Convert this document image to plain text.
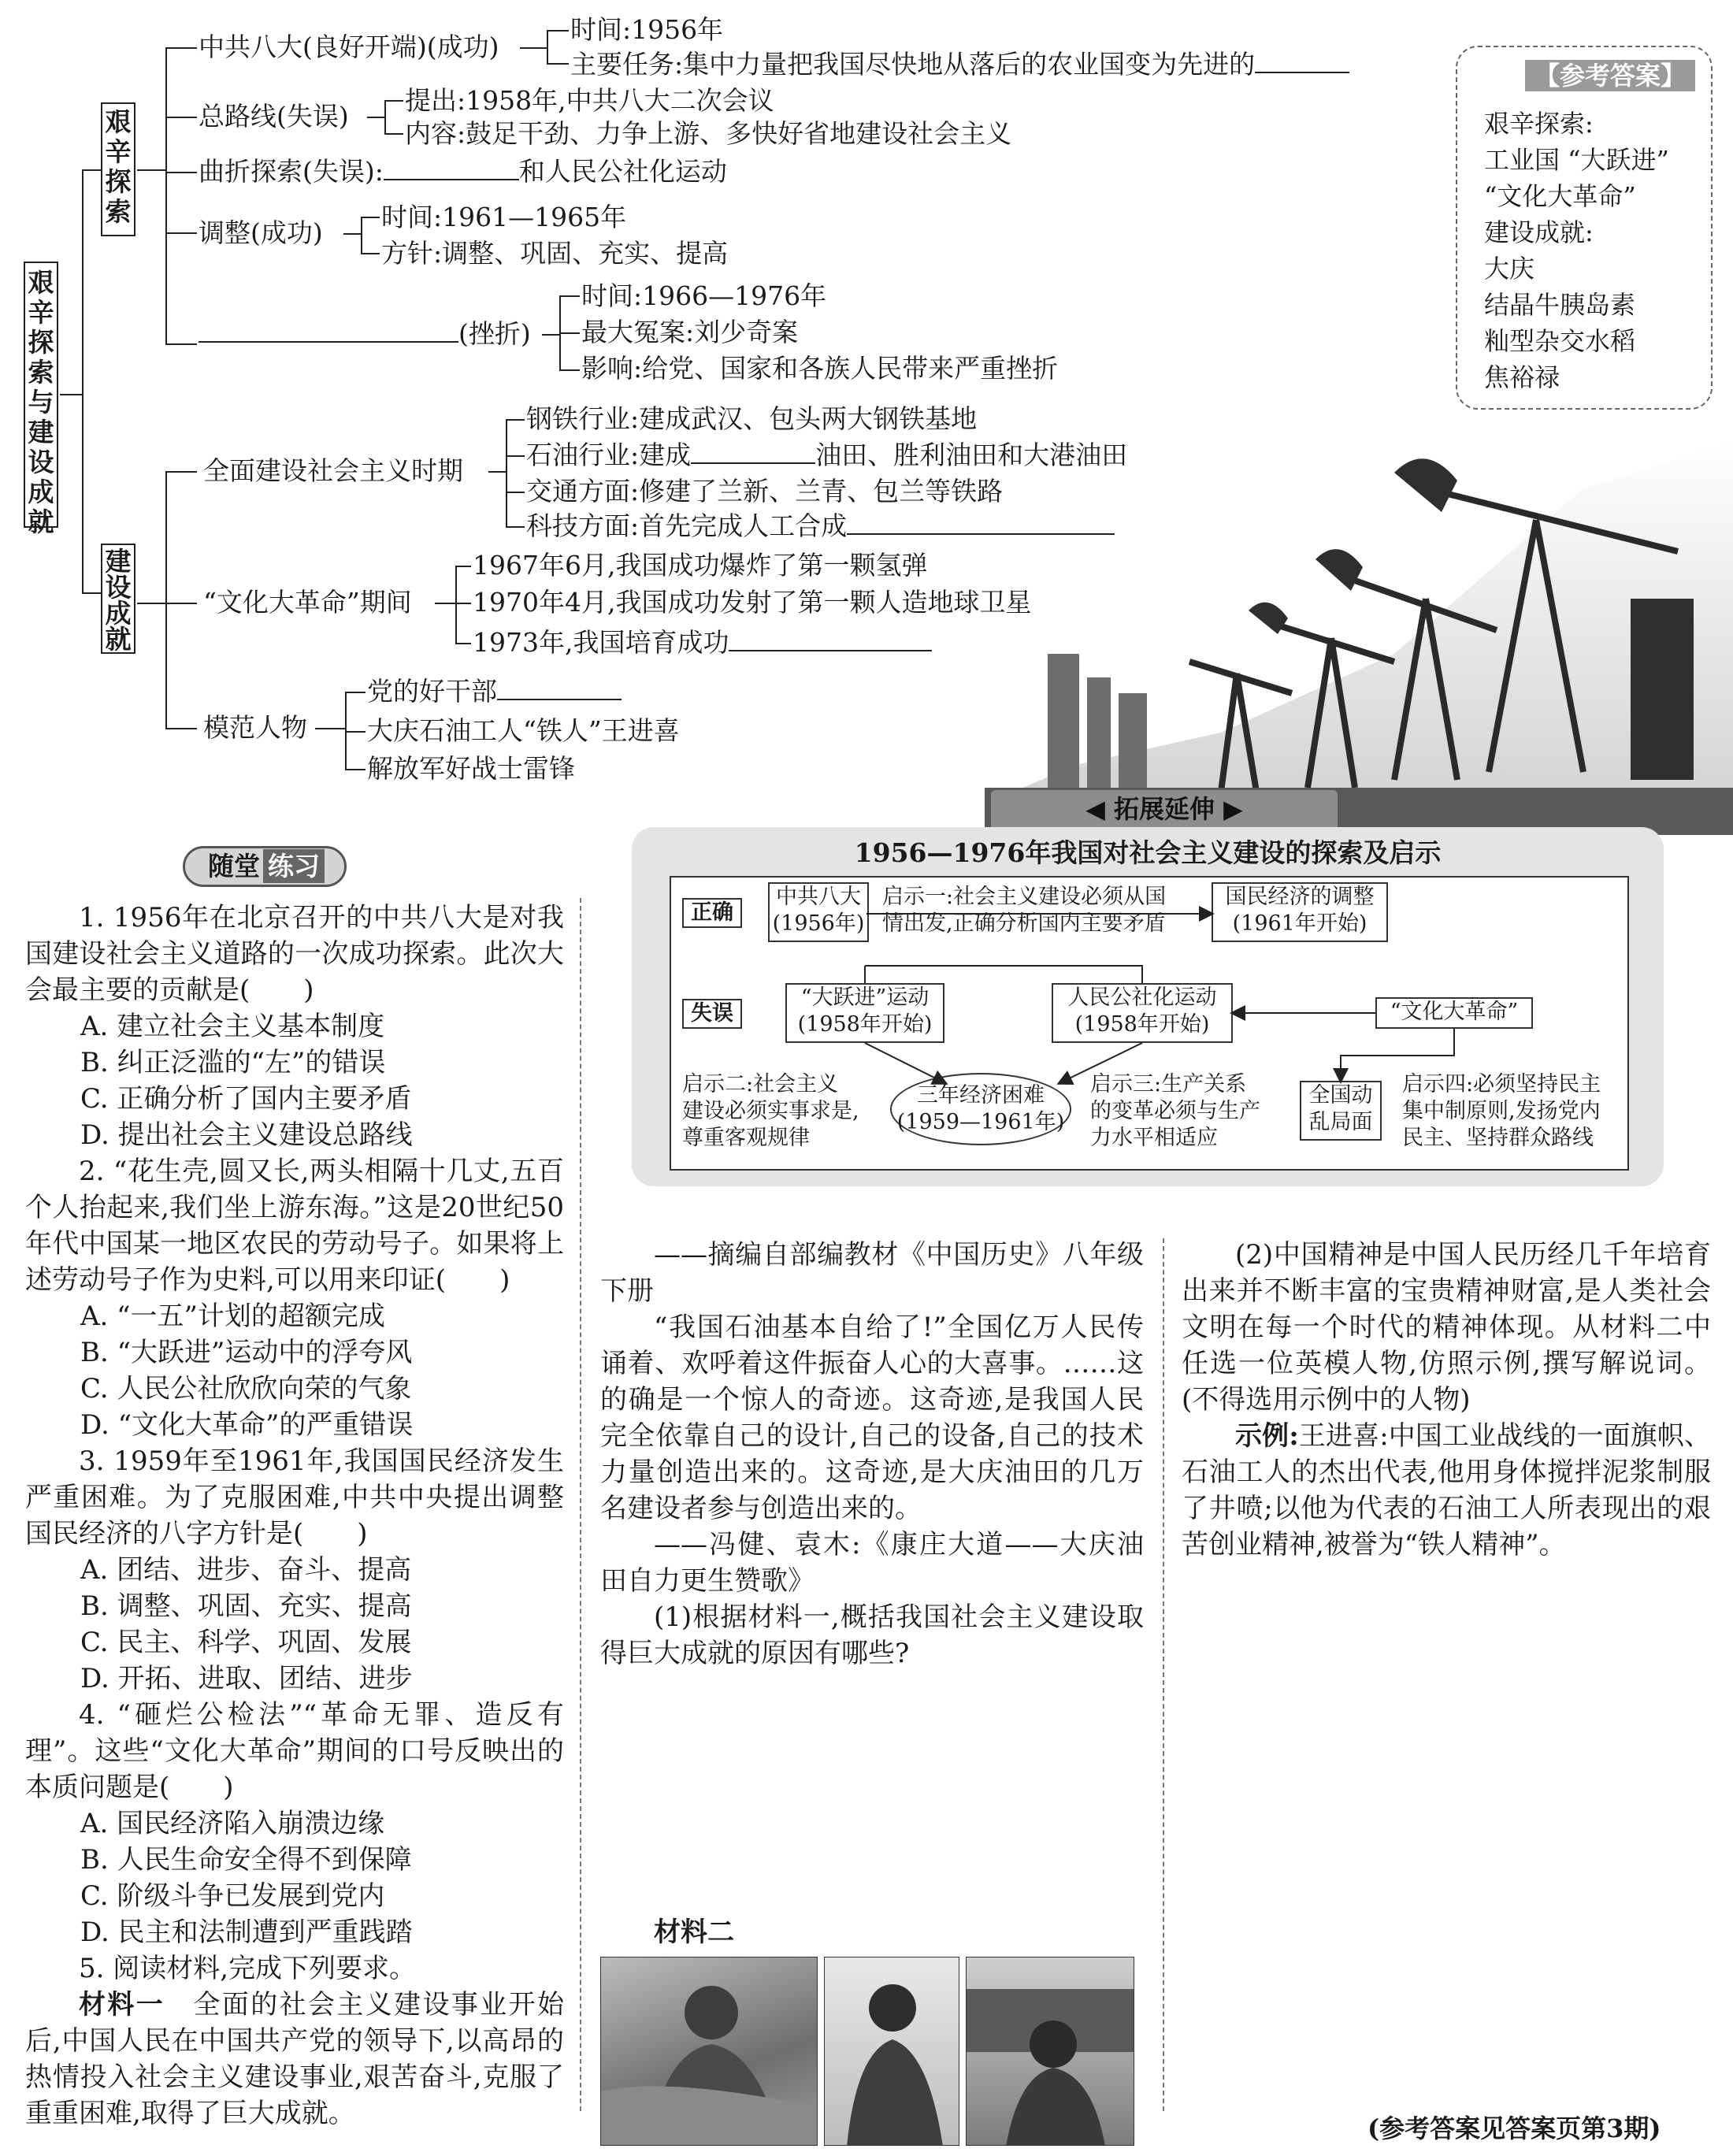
艰辛探索与建设成就
艰辛探索
中共八大(良好开端)(成功)
时间:1956年
主要任务:集中力量把我国尽快地从落后的农业国变为先进的
总路线(失误)
提出:1958年,中共八大二次会议
内容:鼓足干劲、力争上游、多快好省地建设社会主义
曲折探索(失误):	和人民公社化运动
调整(成功)
时间:1961—1965年
方针:调整、巩固、充实、提高
(挫折)
时间:1966—1976年
最大冤案:刘少奇案
影响:给党、国家和各族人民带来严重挫折
建设成就
全面建设社会主义时期
钢铁行业:建成武汉、包头两大钢铁基地
石油行业:建成	油田、胜利油田和大港油田
交通方面:修建了兰新、兰青、包兰等铁路
科技方面:首先完成人工合成
“文化大革命”期间
1967年6月,我国成功爆炸了第一颗氢弹
1970年4月,我国成功发射了第一颗人造地球卫星
1973年,我国培育成功
模范人物
党的好干部
大庆石油工人“铁人”王进喜
解放军好战士雷锋
【参考答案】
艰辛探索:
工业国 “大跃进”
“文化大革命”
建设成就:
大庆
结晶牛胰岛素
籼型杂交水稻
焦裕禄
◀ 拓展延伸 ▶
1956—1976年我国对社会主义建设的探索及启示
正确
失误
中共八大
(1956年)
启示一:社会主义建设必须从国
情出发,正确分析国内主要矛盾
国民经济的调整
(1961年开始)
“大跃进”运动
(1958年开始)
人民公社化运动
(1958年开始)
“文化大革命”
启示二:社会主义
建设必须实事求是,
尊重客观规律
三年经济困难
(1959—1961年)
启示三:生产关系
的变革必须与生产
力水平相适应
全国动
乱局面
启示四:必须坚持民主
集中制原则,发扬党内
民主、坚持群众路线
随堂 练习

1. 1956年在北京召开的中共八大是对我国建设社会主义道路的一次成功探索。此次大会最主要的贡献是(　　)

A. 建立社会主义基本制度

B. 纠正泛滥的“左”的错误

C. 正确分析了国内主要矛盾

D. 提出社会主义建设总路线

2. “花生壳,圆又长,两头相隔十几丈,五百个人抬起来,我们坐上游东海。”这是20世纪50年代中国某一地区农民的劳动号子。如果将上述劳动号子作为史料,可以用来印证(　　)

A. “一五”计划的超额完成

B. “大跃进”运动中的浮夸风

C. 人民公社欣欣向荣的气象

D. “文化大革命”的严重错误

3. 1959年至1961年,我国国民经济发生严重困难。为了克服困难,中共中央提出调整国民经济的八字方针是(　　)

A. 团结、进步、奋斗、提高

B. 调整、巩固、充实、提高

C. 民主、科学、巩固、发展

D. 开拓、进取、团结、进步

4. “砸烂公检法”“革命无罪、造反有理”。这些“文化大革命”期间的口号反映出的本质问题是(　　)

A. 国民经济陷入崩溃边缘

B. 人民生命安全得不到保障

C. 阶级斗争已发展到党内

D. 民主和法制遭到严重践踏

5. 阅读材料,完成下列要求。

材料一　全面的社会主义建设事业开始后,中国人民在中国共产党的领导下,以高昂的热情投入社会主义建设事业,艰苦奋斗,克服了重重困难,取得了巨大成就。

——摘编自部编教材《中国历史》八年级下册

“我国石油基本自给了!”全国亿万人民传诵着、欢呼着这件振奋人心的大喜事。……这的确是一个惊人的奇迹。这奇迹,是我国人民完全依靠自己的设计,自己的设备,自己的技术力量创造出来的。这奇迹,是大庆油田的几万名建设者参与创造出来的。

——冯健、袁木:《康庄大道——大庆油田自力更生赞歌》

(1)根据材料一,概括我国社会主义建设取得巨大成就的原因有哪些?

材料二

(2)中国精神是中国人民历经几千年培育出来并不断丰富的宝贵精神财富,是人类社会文明在每一个时代的精神体现。从材料二中任选一位英模人物,仿照示例,撰写解说词。(不得选用示例中的人物)

示例:王进喜:中国工业战线的一面旗帜、石油工人的杰出代表,他用身体搅拌泥浆制服了井喷;以他为代表的石油工人所表现出的艰苦创业精神,被誉为“铁人精神”。

(参考答案见答案页第3期)
